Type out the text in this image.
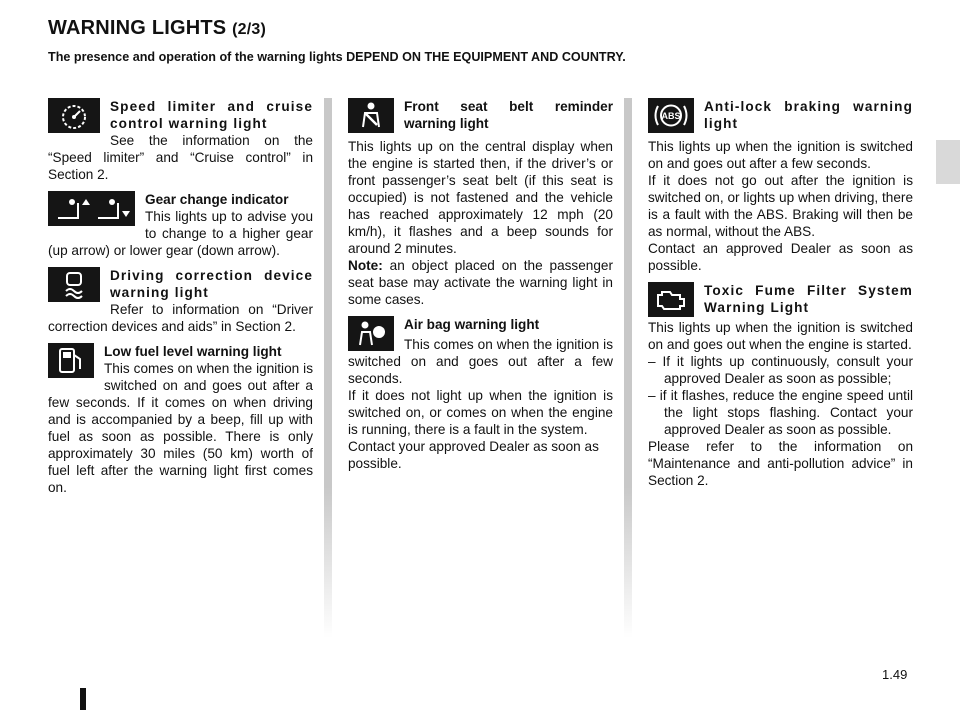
WARNING LIGHTS (2/3)

The presence and operation of the warning lights DEPEND ON THE EQUIPMENT AND COUNTRY.

Speed limiter and cruise control warning light

See the information on the “Speed limiter” and “Cruise control” in Section 2.

Gear change indicator

This lights up to advise you to change to a higher gear (up arrow) or lower gear (down arrow).

Driving correction device warning light

Refer to information on “Driver correction devices and aids” in Section 2.

Low fuel level warning light

This comes on when the ignition is switched on and goes out after a few seconds. If it comes on when driving and is accompanied by a beep, fill up with fuel as soon as possible. There is only approximately 30 miles (50 km) worth of fuel left after the warning light first comes on.

Front seat belt reminder warning light

This lights up on the central display when the engine is started then, if the driver’s or front passenger’s seat belt (if this seat is occupied) is not fastened and the vehicle has reached approximately 12 mph (20 km/h), it flashes and a beep sounds for around 2 minutes.

Note: an object placed on the passenger seat base may activate the warning light in some cases.

Air bag warning light

This comes on when the ignition is switched on and goes out after a few seconds.

If it does not light up when the ignition is switched on, or comes on when the engine is running, there is a fault in the system.

Contact your approved Dealer as soon as possible.

ABS
Anti-lock braking warning light

This lights up when the ignition is switched on and goes out after a few seconds.

If it does not go out after the ignition is switched on, or lights up when driving, there is a fault with the ABS. Braking will then be as normal, without the ABS.

Contact an approved Dealer as soon as possible.

Toxic Fume Filter System Warning Light

This lights up when the ignition is switched on and goes out when the engine is started.

– If it lights up continuously, consult your approved Dealer as soon as possible;
– if it flashes, reduce the engine speed until the light stops flashing. Contact your approved Dealer as soon as possible.

Please refer to the information on “Maintenance and anti-pollution advice” in Section 2.

1.49
